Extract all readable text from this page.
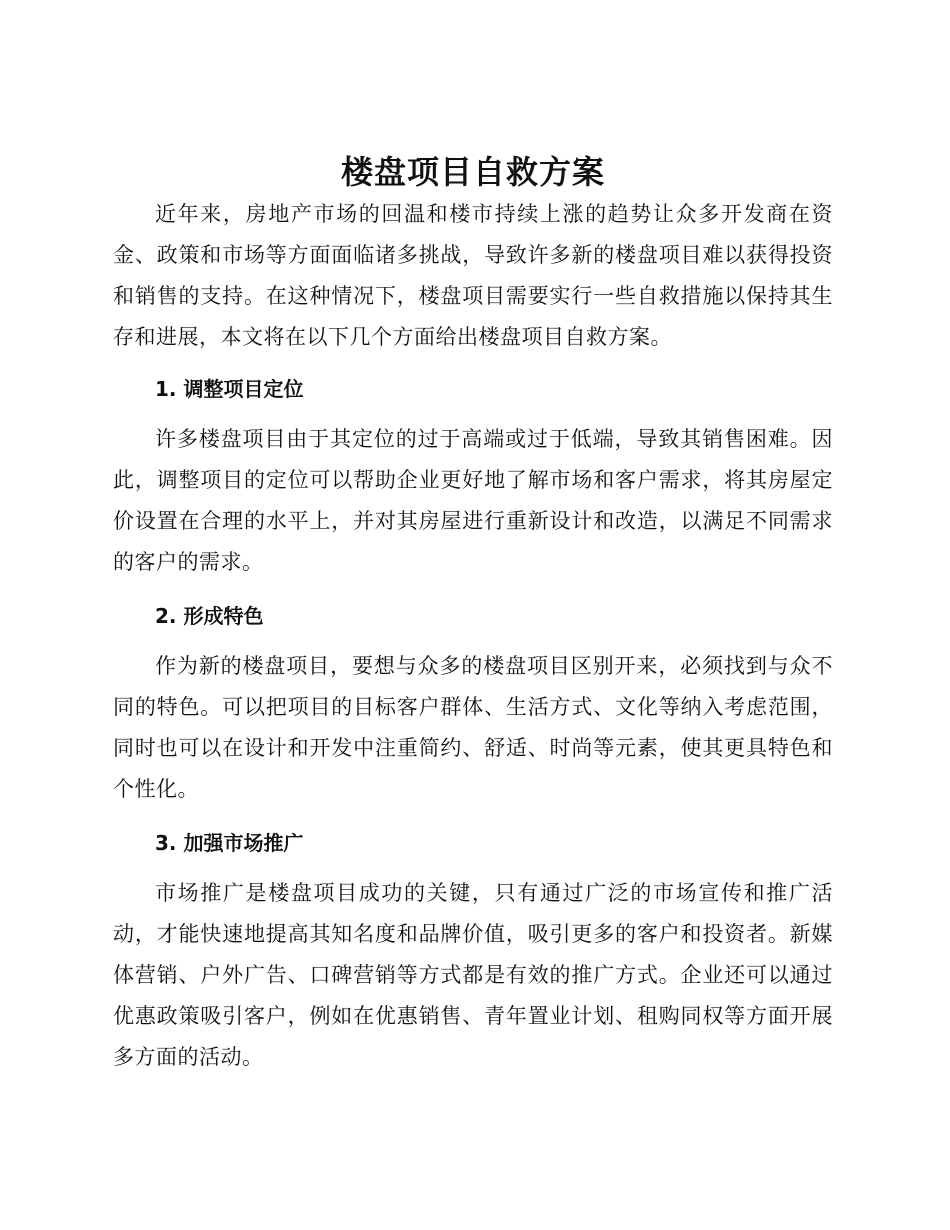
楼盘项目自救方案

近年来，房地产市场的回温和楼市持续上涨的趋势让众多开发商在资金、政策和市场等方面面临诸多挑战，导致许多新的楼盘项目难以获得投资和销售的支持。在这种情况下，楼盘项目需要实行一些自救措施以保持其生存和进展，本文将在以下几个方面给出楼盘项目自救方案。

1. 调整项目定位

许多楼盘项目由于其定位的过于高端或过于低端，导致其销售困难。因此，调整项目的定位可以帮助企业更好地了解市场和客户需求，将其房屋定价设置在合理的水平上，并对其房屋进行重新设计和改造，以满足不同需求的客户的需求。

2. 形成特色

作为新的楼盘项目，要想与众多的楼盘项目区别开来，必须找到与众不同的特色。可以把项目的目标客户群体、生活方式、文化等纳入考虑范围，同时也可以在设计和开发中注重简约、舒适、时尚等元素，使其更具特色和个性化。

3. 加强市场推广

市场推广是楼盘项目成功的关键，只有通过广泛的市场宣传和推广活动，才能快速地提高其知名度和品牌价值，吸引更多的客户和投资者。新媒体营销、户外广告、口碑营销等方式都是有效的推广方式。企业还可以通过优惠政策吸引客户，例如在优惠销售、青年置业计划、租购同权等方面开展多方面的活动。
